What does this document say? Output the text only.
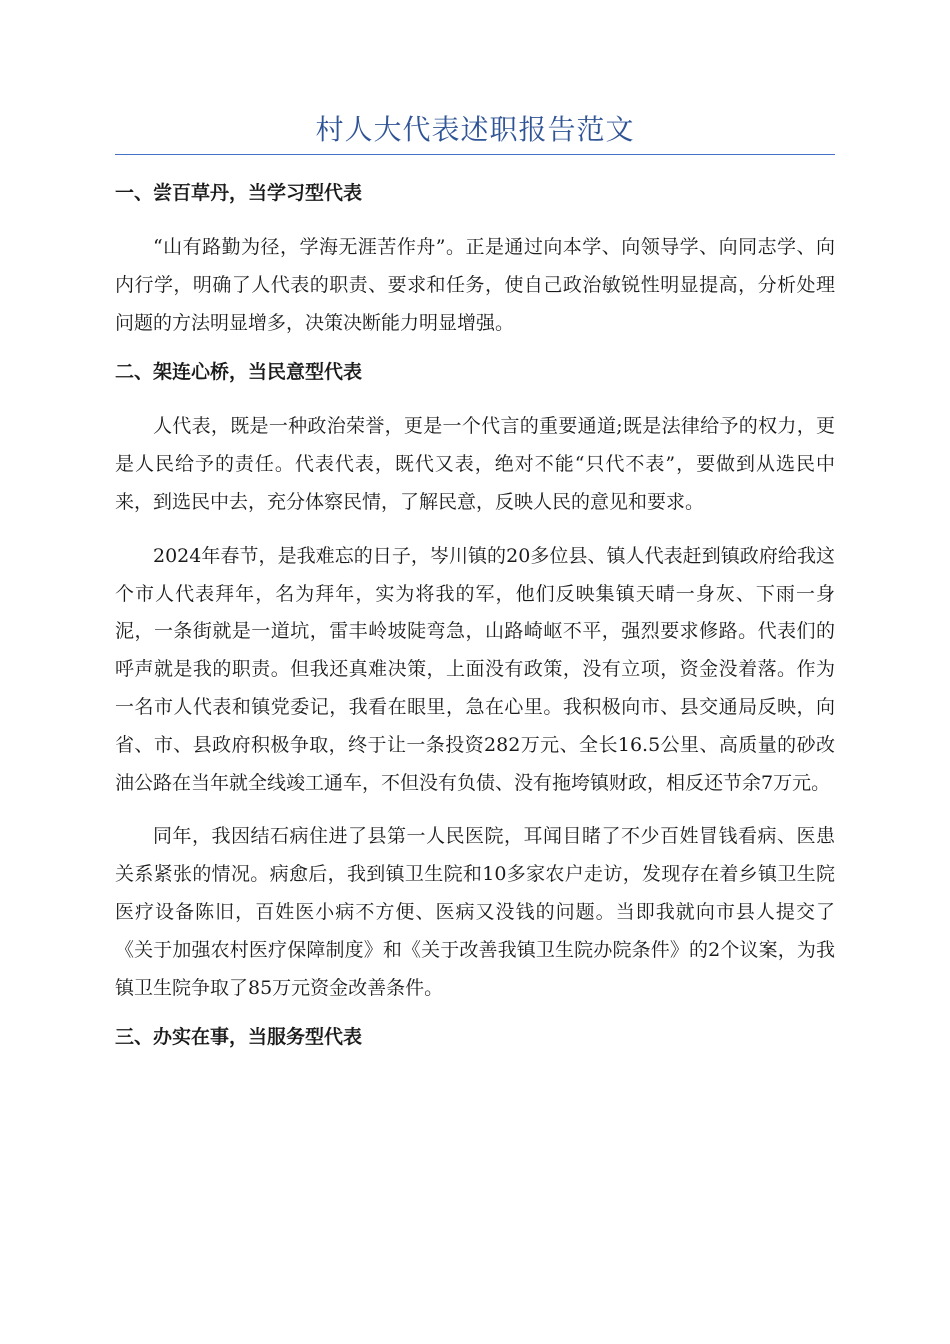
村人大代表述职报告范文
一、尝百草丹，当学习型代表

“山有路勤为径，学海无涯苦作舟”。正是通过向本学、向领导学、向同志学、向内行学，明确了人代表的职责、要求和任务，使自己政治敏锐性明显提高，分析处理问题的方法明显增多，决策决断能力明显增强。

二、架连心桥，当民意型代表

人代表，既是一种政治荣誉，更是一个代言的重要通道;既是法律给予的权力，更是人民给予的责任。代表代表，既代又表，绝对不能“只代不表”，要做到从选民中来，到选民中去，充分体察民情，了解民意，反映人民的意见和要求。

2024年春节，是我难忘的日子，岑川镇的20多位县、镇人代表赶到镇政府给我这个市人代表拜年，名为拜年，实为将我的军，他们反映集镇天晴一身灰、下雨一身泥，一条街就是一道坑，雷丰岭坡陡弯急，山路崎岖不平，强烈要求修路。代表们的呼声就是我的职责。但我还真难决策，上面没有政策，没有立项，资金没着落。作为一名市人代表和镇党委记，我看在眼里，急在心里。我积极向市、县交通局反映，向省、市、县政府积极争取，终于让一条投资282万元、全长16.5公里、高质量的砂改油公路在当年就全线竣工通车，不但没有负债、没有拖垮镇财政，相反还节余7万元。

同年，我因结石病住进了县第一人民医院，耳闻目睹了不少百姓冒钱看病、医患关系紧张的情况。病愈后，我到镇卫生院和10多家农户走访，发现存在着乡镇卫生院医疗设备陈旧，百姓医小病不方便、医病又没钱的问题。当即我就向市县人提交了《关于加强农村医疗保障制度》和《关于改善我镇卫生院办院条件》的2个议案，为我镇卫生院争取了85万元资金改善条件。

三、办实在事，当服务型代表
